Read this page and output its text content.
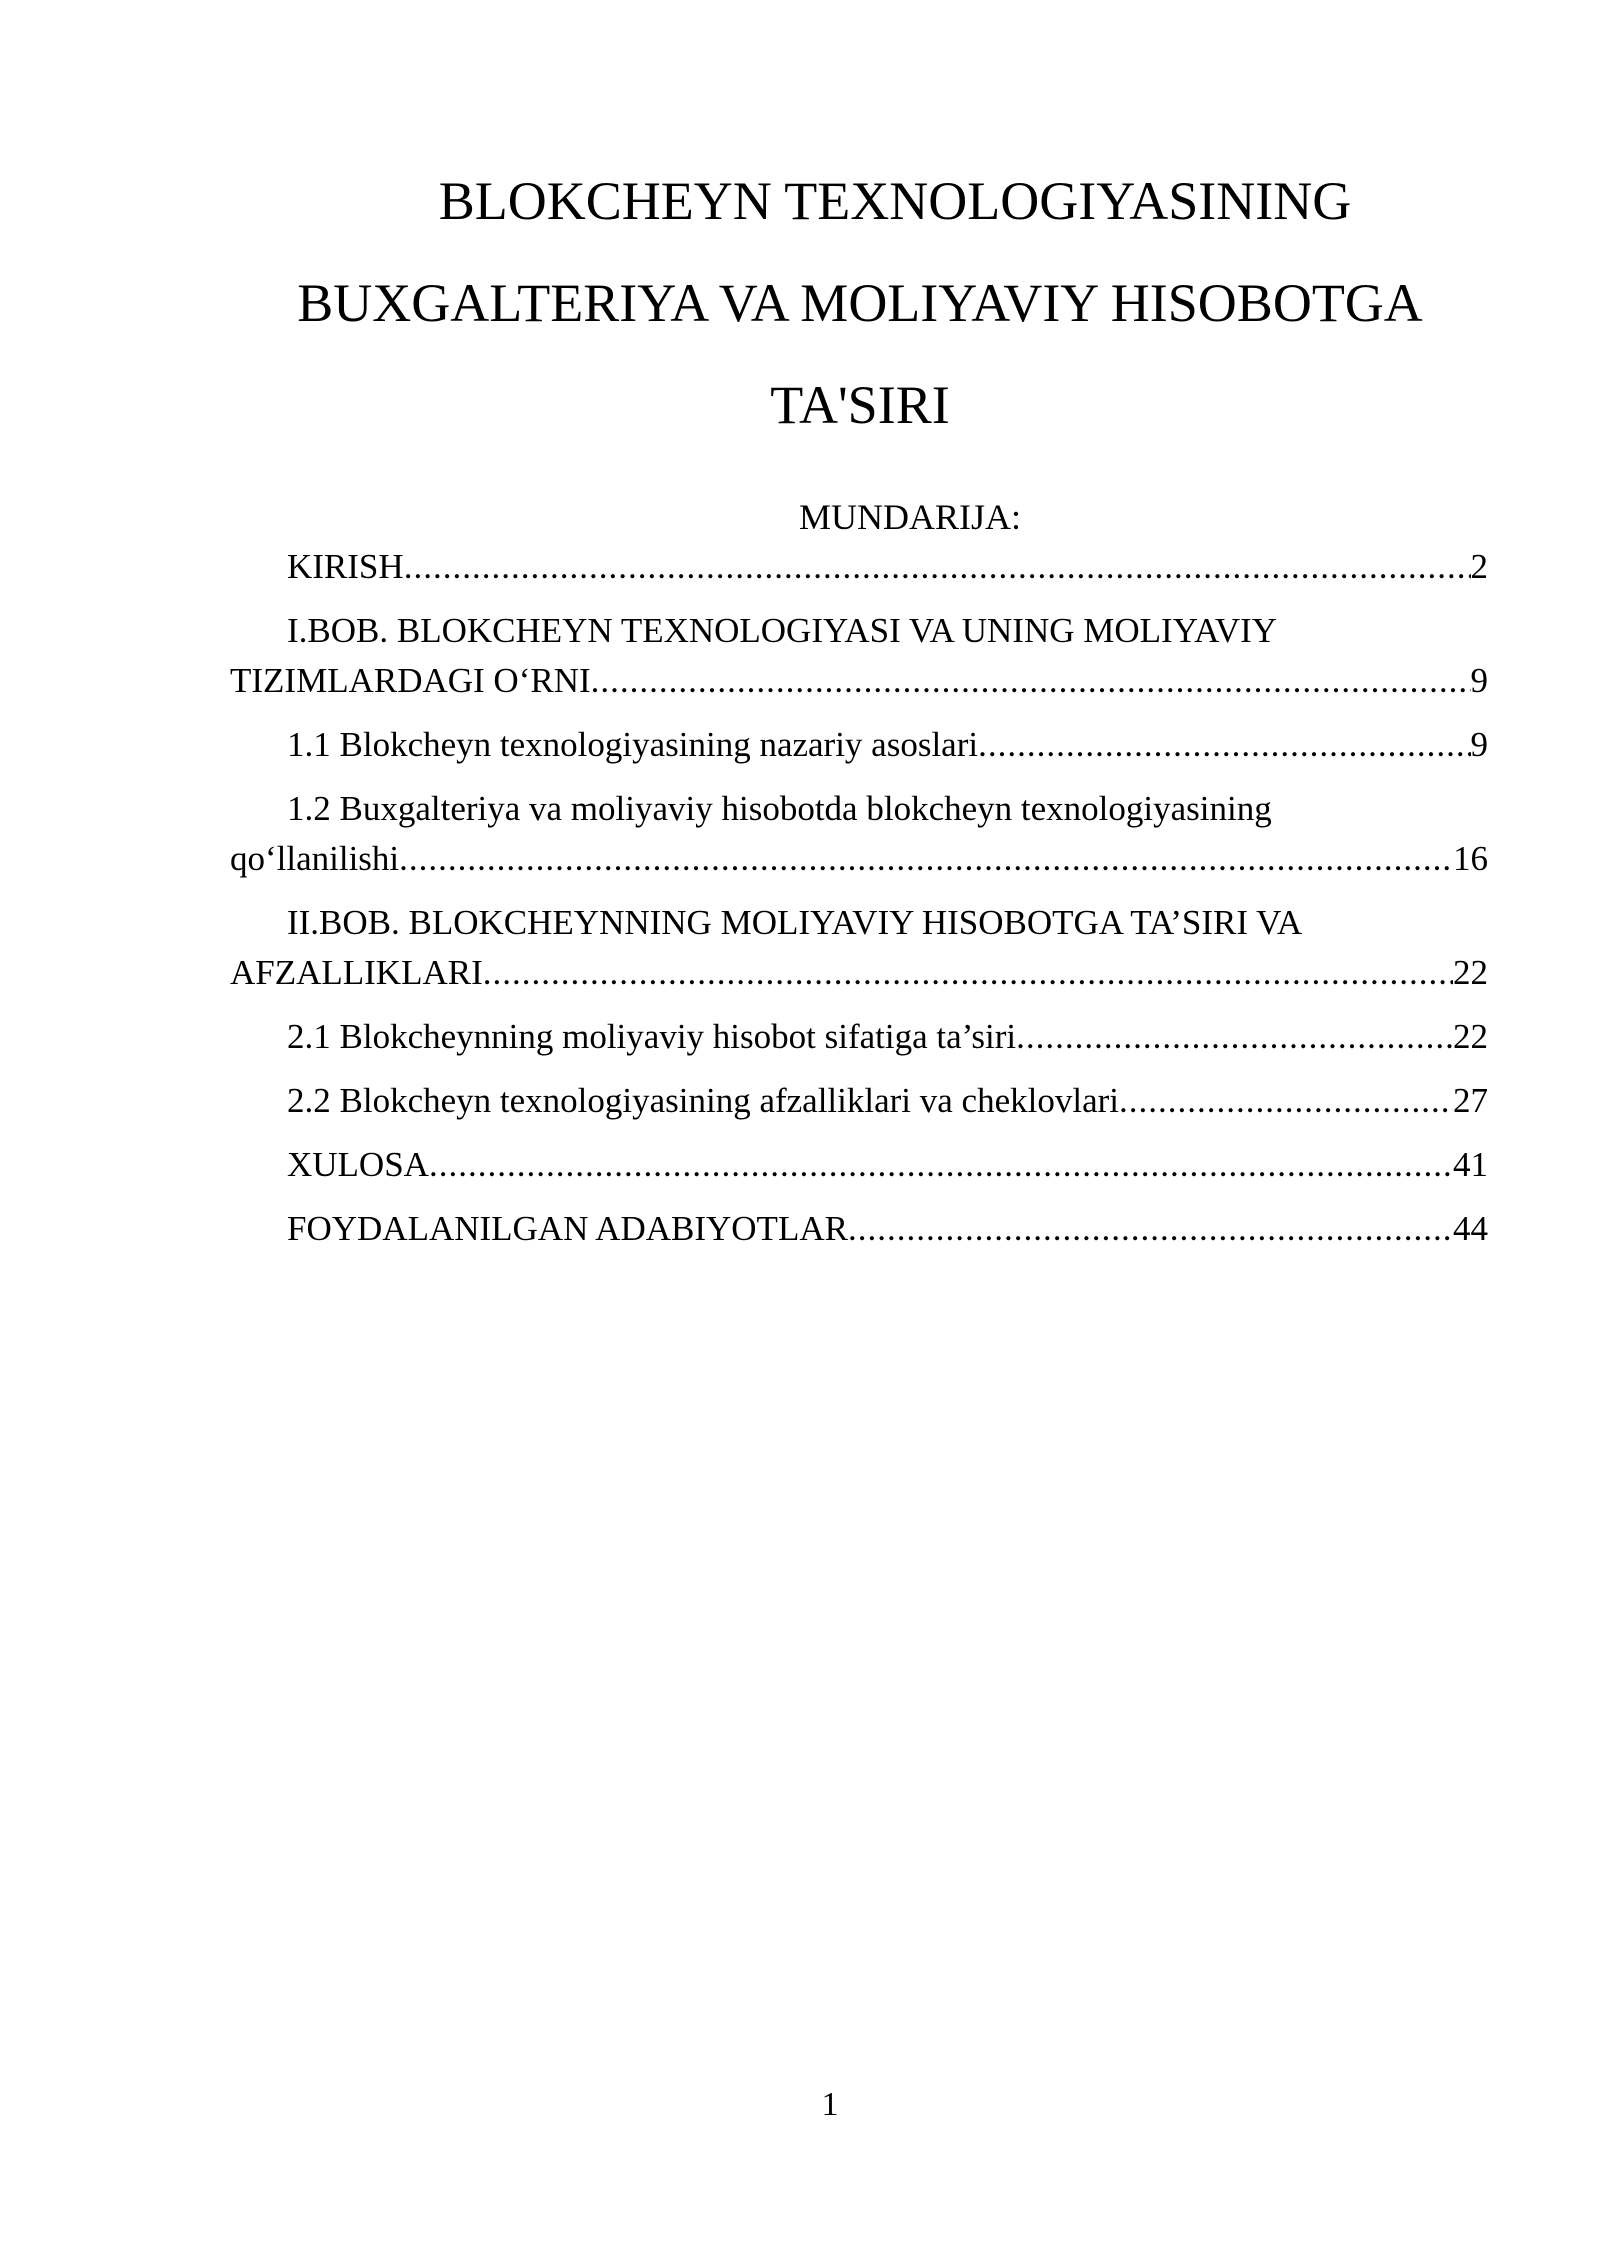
BLOKCHEYN TEXNOLOGIYASINING
BUXGALTERIYA VA MOLIYAVIY HISOBOTGA
TA'SIRI
MUNDARIJA:
KIRISH .....	2
I.BOB. BLOKCHEYN TEXNOLOGIYASI VA UNING MOLIYAVIY
TIZIMLARDAGI O‘RNI .....	9
1.1 Blokcheyn texnologiyasining nazariy asoslari .....	9
1.2 Buxgalteriya va moliyaviy hisobotda blokcheyn texnologiyasining
qo‘llanilishi .....	16
II.BOB. BLOKCHEYNNING MOLIYAVIY HISOBOTGA TA’SIRI VA
AFZALLIKLARI .....	22
2.1 Blokcheynning moliyaviy hisobot sifatiga ta’siri .....	22
2.2 Blokcheyn texnologiyasining afzalliklari va cheklovlari .....	27
XULOSA .....	41
FOYDALANILGAN ADABIYOTLAR .....	44
1
